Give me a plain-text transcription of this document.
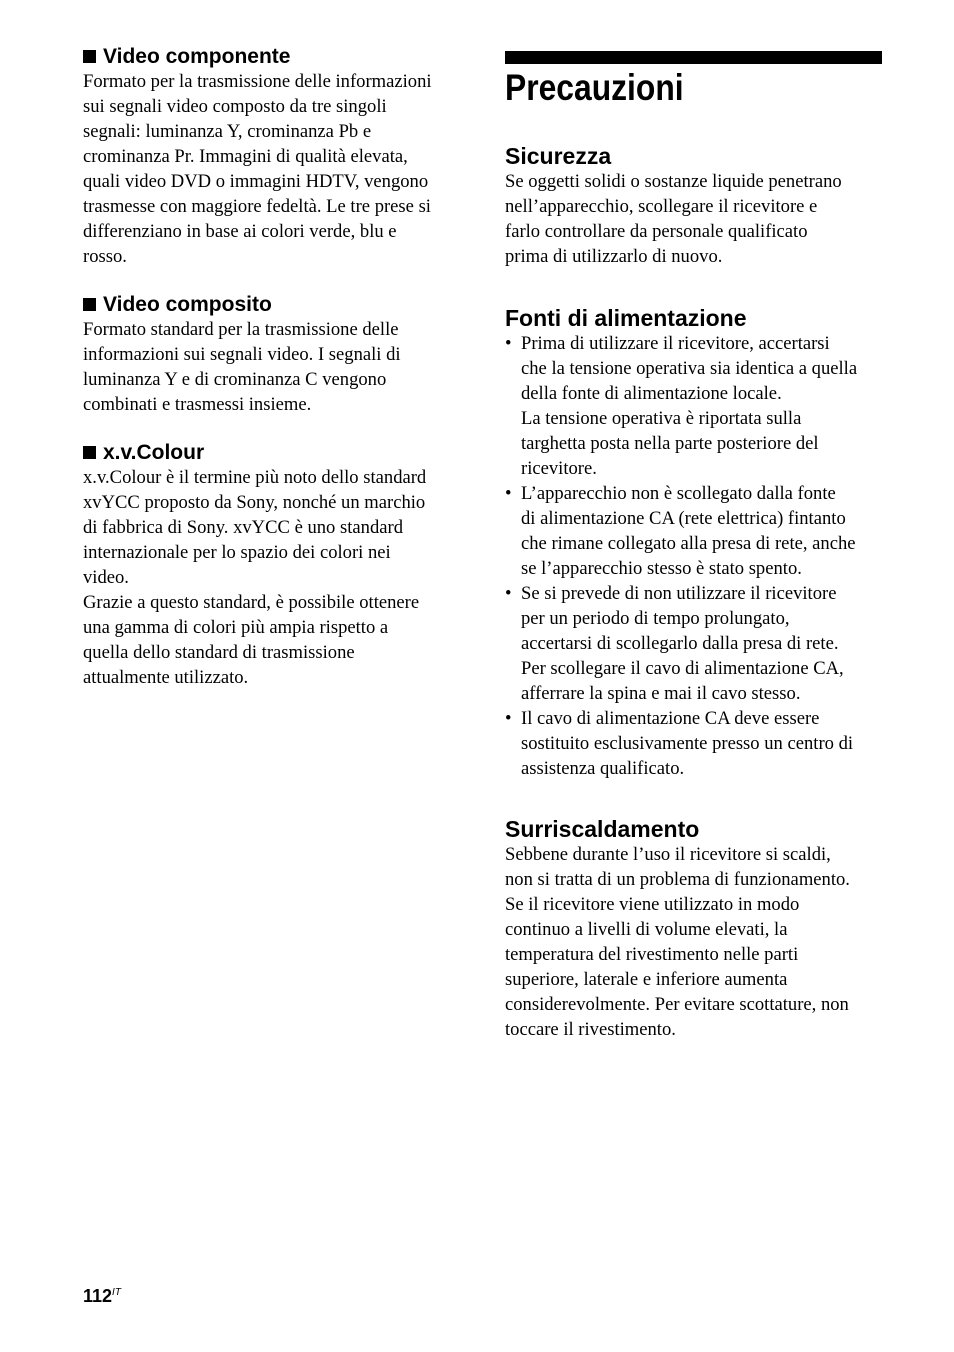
Video componente

Formato per la trasmissione delle informazioni
sui segnali video composto da tre singoli
segnali: luminanza Y, crominanza Pb e
crominanza Pr. Immagini di qualità elevata,
quali video DVD o immagini HDTV, vengono
trasmesse con maggiore fedeltà. Le tre prese si
differenziano in base ai colori verde, blu e
rosso.

Video composito

Formato standard per la trasmissione delle
informazioni sui segnali video. I segnali di
luminanza Y e di crominanza C vengono
combinati e trasmessi insieme.

x.v.Colour

x.v.Colour è il termine più noto dello standard
xvYCC proposto da Sony, nonché un marchio
di fabbrica di Sony. xvYCC è uno standard
internazionale per lo spazio dei colori nei
video.
Grazie a questo standard, è possibile ottenere
una gamma di colori più ampia rispetto a
quella dello standard di trasmissione
attualmente utilizzato.

Precauzioni
Sicurezza

Se oggetti solidi o sostanze liquide penetrano
nell’apparecchio, scollegare il ricevitore e
farlo controllare da personale qualificato
prima di utilizzarlo di nuovo.

Fonti di alimentazione
• Prima di utilizzare il ricevitore, accertarsi
che la tensione operativa sia identica a quella
della fonte di alimentazione locale.
La tensione operativa è riportata sulla
targhetta posta nella parte posteriore del
ricevitore.
• L’apparecchio non è scollegato dalla fonte
di alimentazione CA (rete elettrica) fintanto
che rimane collegato alla presa di rete, anche
se l’apparecchio stesso è stato spento.
• Se si prevede di non utilizzare il ricevitore
per un periodo di tempo prolungato,
accertarsi di scollegarlo dalla presa di rete.
Per scollegare il cavo di alimentazione CA,
afferrare la spina e mai il cavo stesso.
• Il cavo di alimentazione CA deve essere
sostituito esclusivamente presso un centro di
assistenza qualificato.
Surriscaldamento

Sebbene durante l’uso il ricevitore si scaldi,
non si tratta di un problema di funzionamento.
Se il ricevitore viene utilizzato in modo
continuo a livelli di volume elevati, la
temperatura del rivestimento nelle parti
superiore, laterale e inferiore aumenta
considerevolmente. Per evitare scottature, non
toccare il rivestimento.

$112^{IT}$
